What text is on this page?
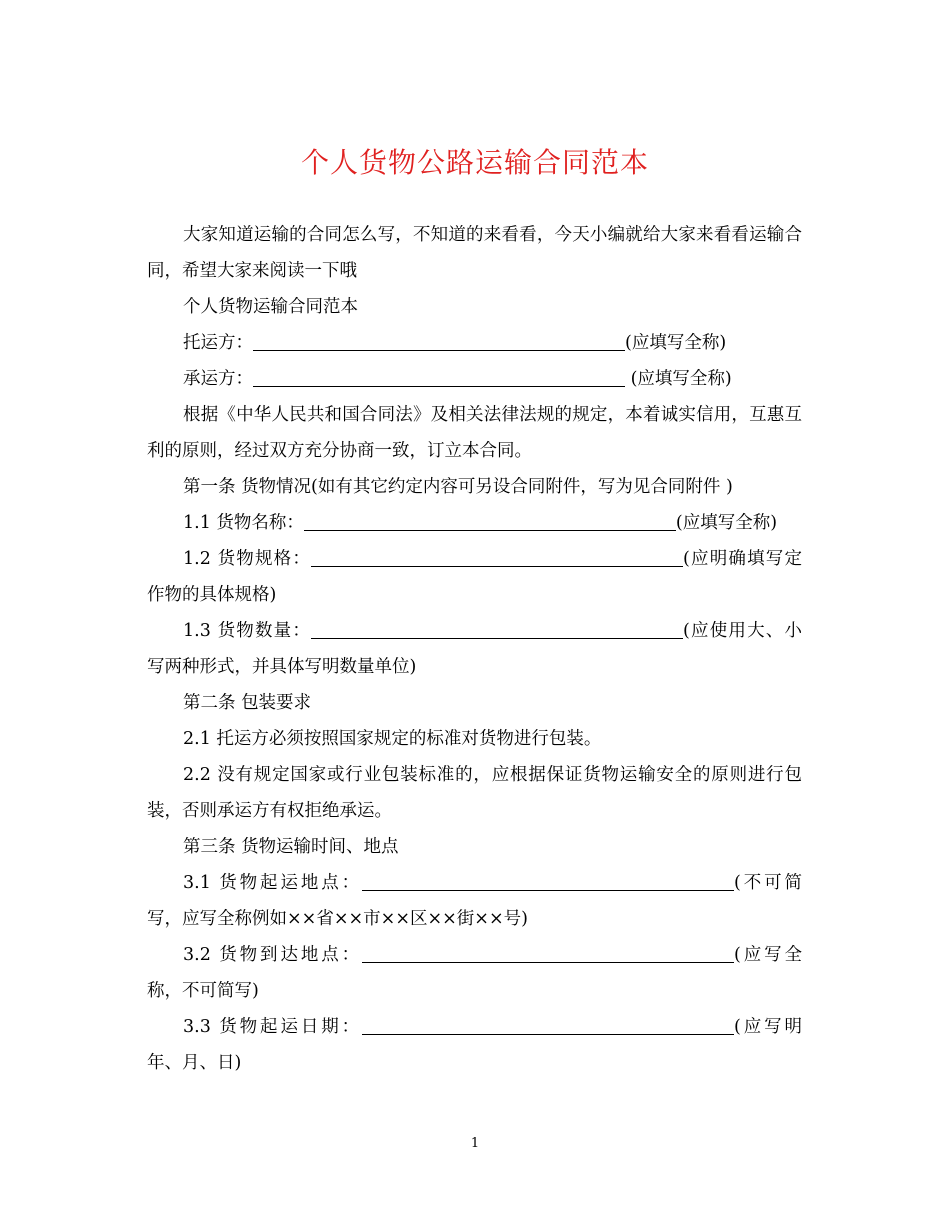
个人货物公路运输合同范本

大家知道运输的合同怎么写，不知道的来看看，今天小编就给大家来看看运输合同，希望大家来阅读一下哦

个人货物运输合同范本

托运方：	(应填写全称)

承运方：	(应填写全称)

根据《中华人民共和国合同法》及相关法律法规的规定，本着诚实信用，互惠互利的原则，经过双方充分协商一致，订立本合同。

第一条 货物情况(如有其它约定内容可另设合同附件，写为见合同附件 )

1.1 货物名称：	(应填写全称)

1.2 货物规格：	(应明确填写定作物的具体规格)

1.3 货物数量：	(应使用大、小写两种形式，并具体写明数量单位)

第二条 包装要求

2.1 托运方必须按照国家规定的标准对货物进行包装。

2.2 没有规定国家或行业包装标准的，应根据保证货物运输安全的原则进行包装，否则承运方有权拒绝承运。

第三条 货物运输时间、地点

3.1 货物起运地点：	(不可简写，应写全称例如××省××市××区××街××号)

3.2 货物到达地点：	(应写全称，不可简写)

3.3 货物起运日期：	(应写明年、月、日)

1
